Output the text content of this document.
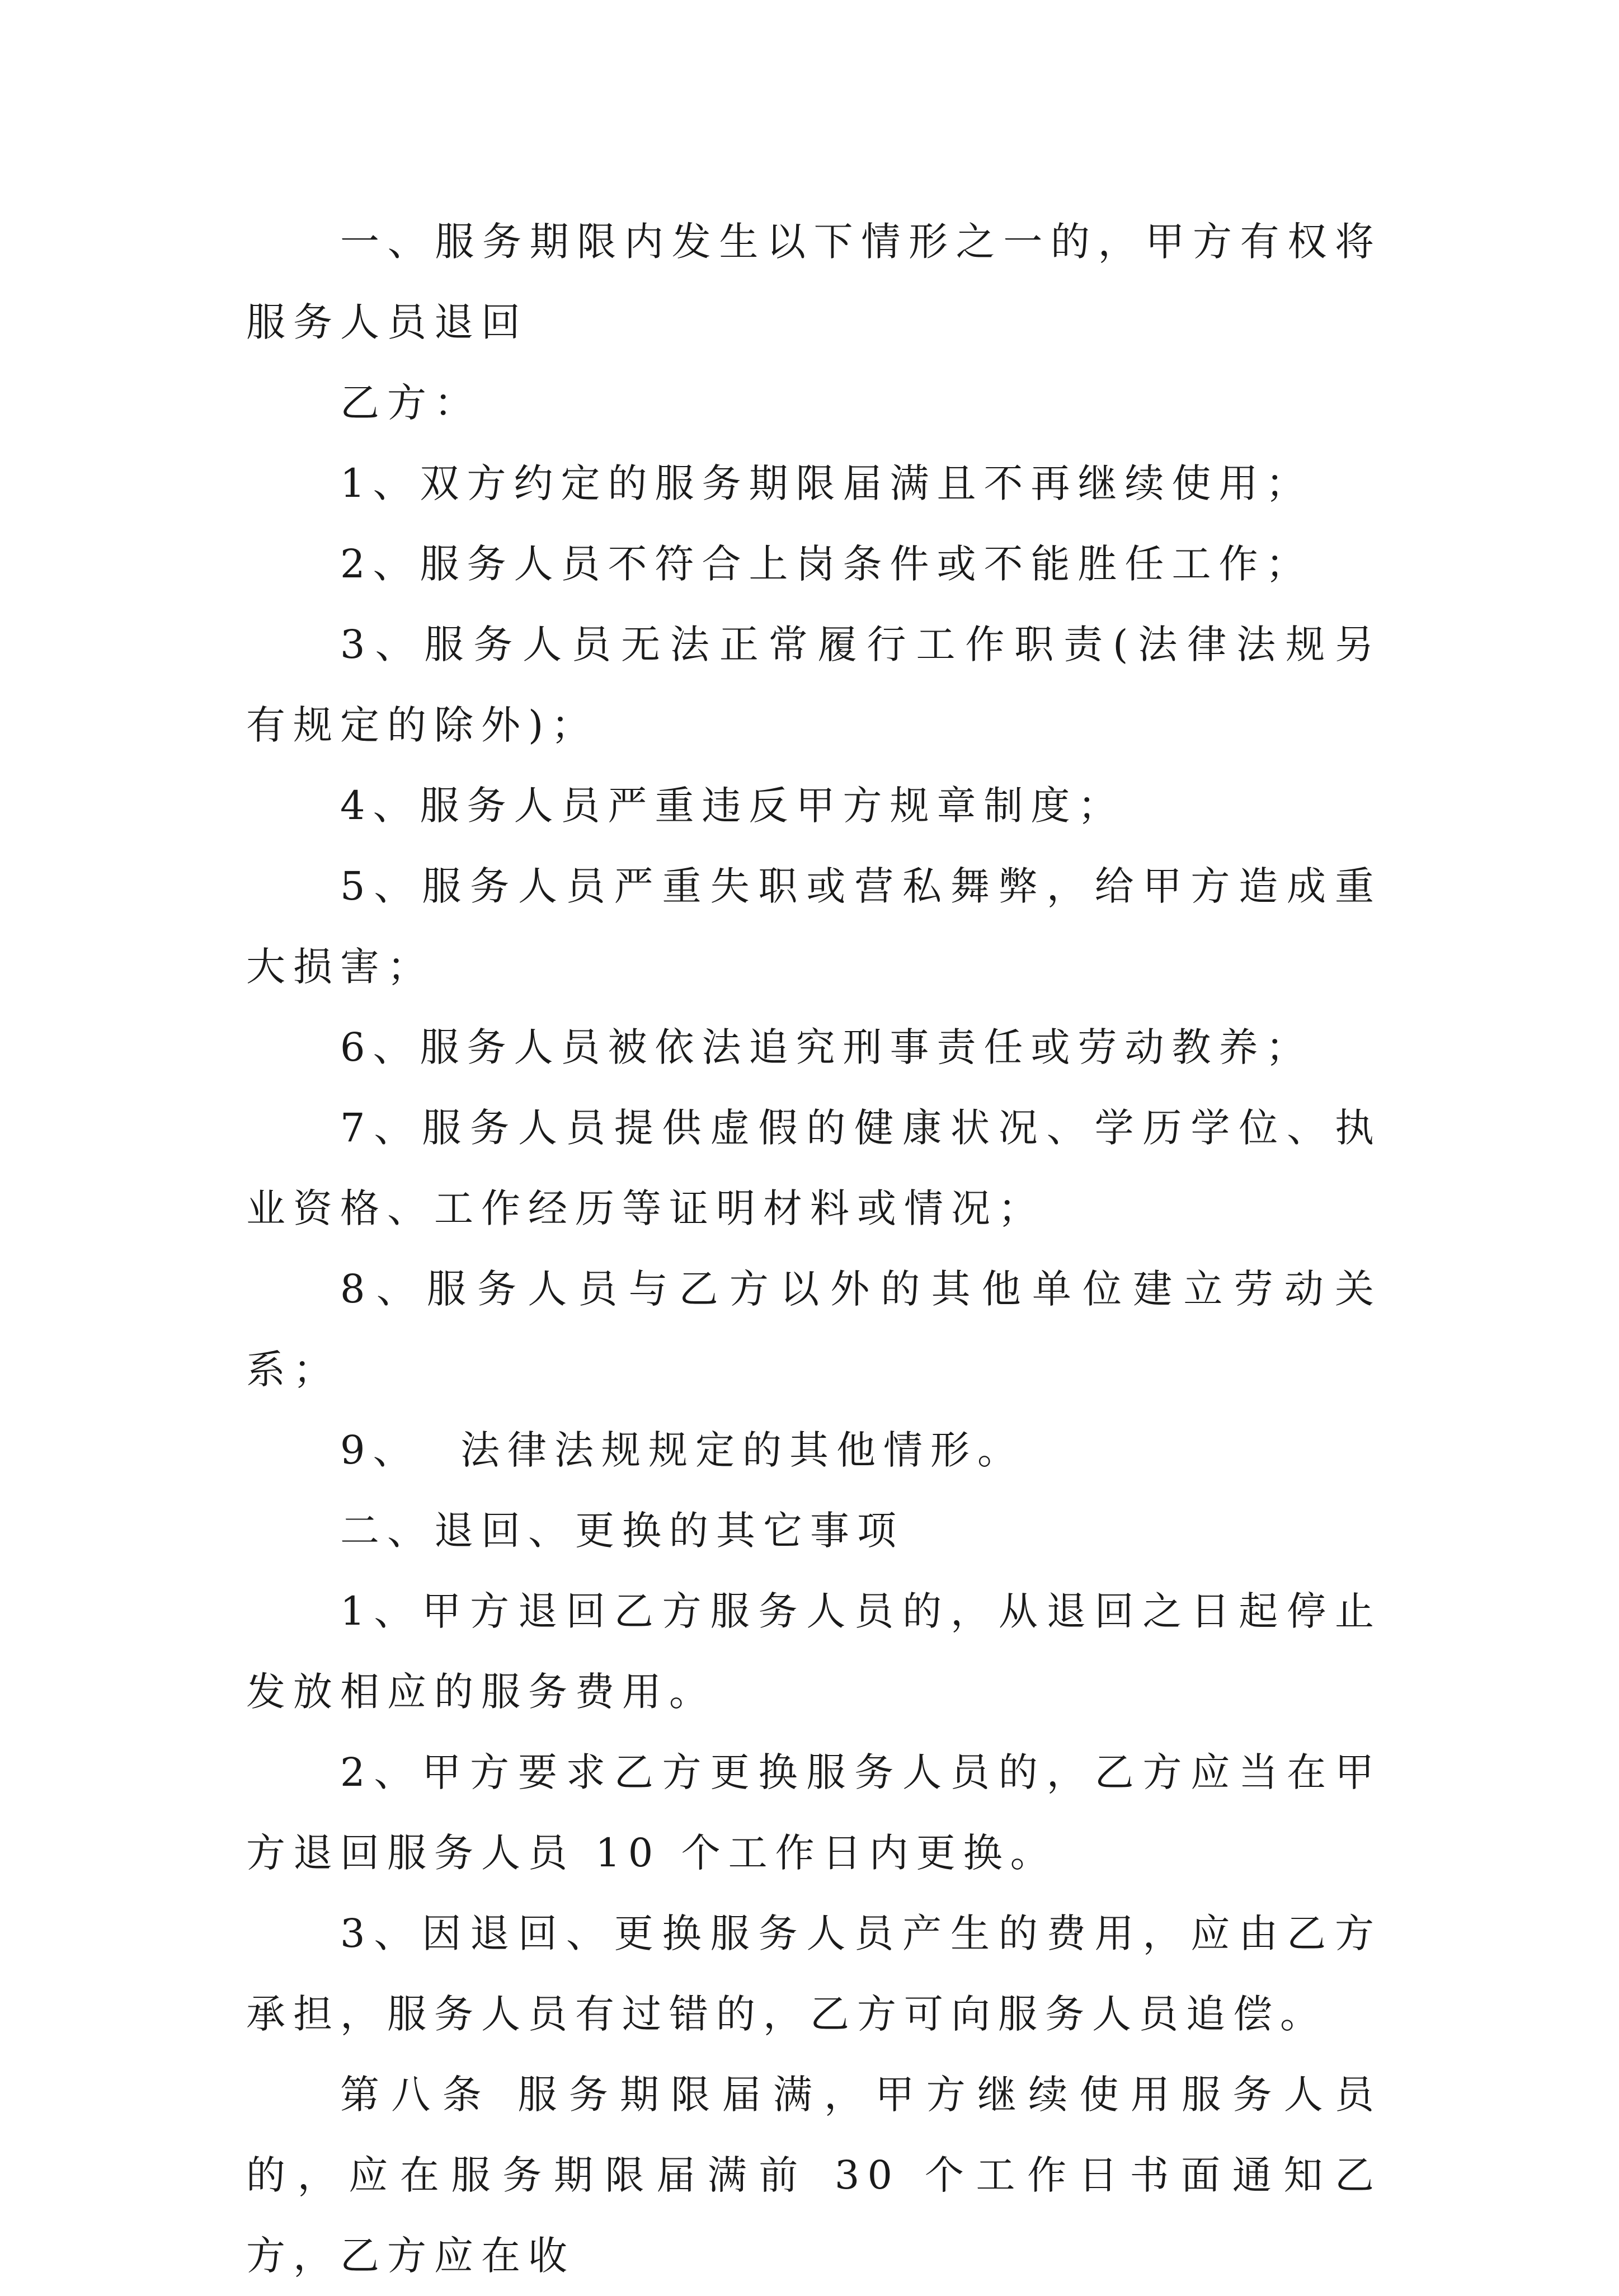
一、服务期限内发生以下情形之一的，甲方有权将服务人员退回

乙方：

1、双方约定的服务期限届满且不再继续使用；

2、服务人员不符合上岗条件或不能胜任工作；

3、服务人员无法正常履行工作职责(法律法规另有规定的除外)；

4、服务人员严重违反甲方规章制度；

5、服务人员严重失职或营私舞弊，给甲方造成重大损害；

6、服务人员被依法追究刑事责任或劳动教养；

7、服务人员提供虚假的健康状况、学历学位、执业资格、工作经历等证明材料或情况；

8、服务人员与乙方以外的其他单位建立劳动关系；

9、  法律法规规定的其他情形。

二、退回、更换的其它事项

1、甲方退回乙方服务人员的，从退回之日起停止发放相应的服务费用。

2、甲方要求乙方更换服务人员的，乙方应当在甲方退回服务人员 10 个工作日内更换。

3、因退回、更换服务人员产生的费用，应由乙方承担，服务人员有过错的，乙方可向服务人员追偿。

第八条 服务期限届满，甲方继续使用服务人员的，应在服务期限届满前 30 个工作日书面通知乙方，乙方应在收
